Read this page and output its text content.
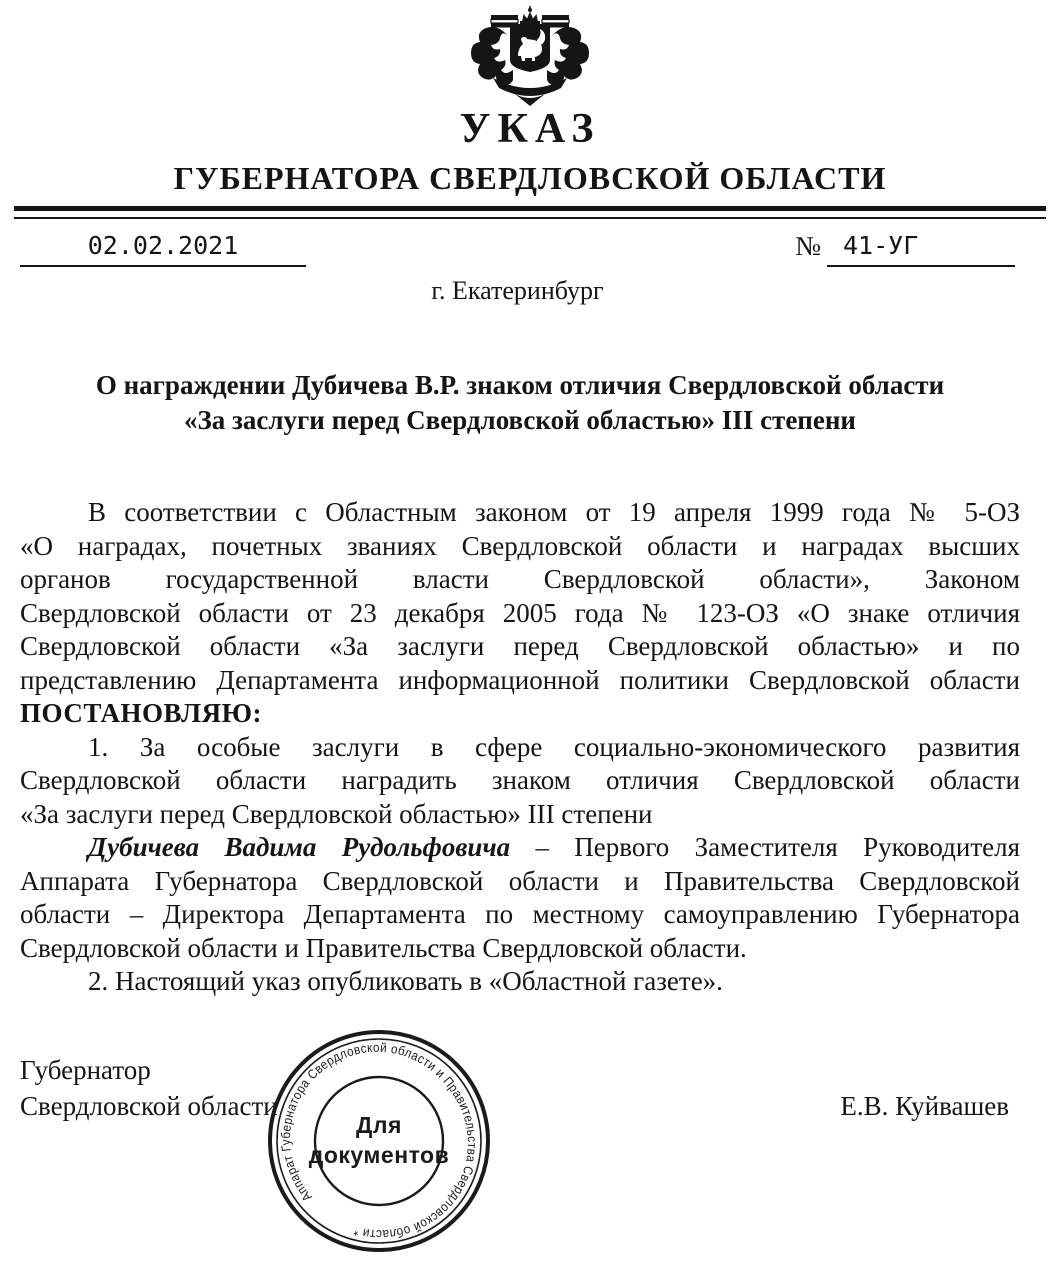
УКАЗ
ГУБЕРНАТОРА СВЕРДЛОВСКОЙ ОБЛАСТИ
02.02.2021	№ 41-УГ
г. Екатеринбург
О награждении Дубичева В.Р. знаком отличия Свердловской области
«За заслуги перед Свердловской областью» III степени
В соответствии с Областным законом от 19 апреля 1999 года № 5-ОЗ
«О наградах, почетных званиях Свердловской области и наградах высших
органов государственной власти Свердловской области», Законом
Свердловской области от 23 декабря 2005 года № 123-ОЗ «О знаке отличия
Свердловской области «За заслуги перед Свердловской областью» и по
представлению Департамента информационной политики Свердловской области
ПОСТАНОВЛЯЮ:
1. За особые заслуги в сфере социально-экономического развития
Свердловской области наградить знаком отличия Свердловской области
«За заслуги перед Свердловской областью» III степени
Дубичева Вадима Рудольфовича – Первого Заместителя Руководителя
Аппарата Губернатора Свердловской области и Правительства Свердловской
области – Директора Департамента по местному самоуправлению Губернатора
Свердловской области и Правительства Свердловской области.
2. Настоящий указ опубликовать в «Областной газете».
Губернатор
Свердловской области	Е.В. Куйвашев
Аппарат Губернатора Свердловской области и Правительства Свердловской области *
Для
документов
